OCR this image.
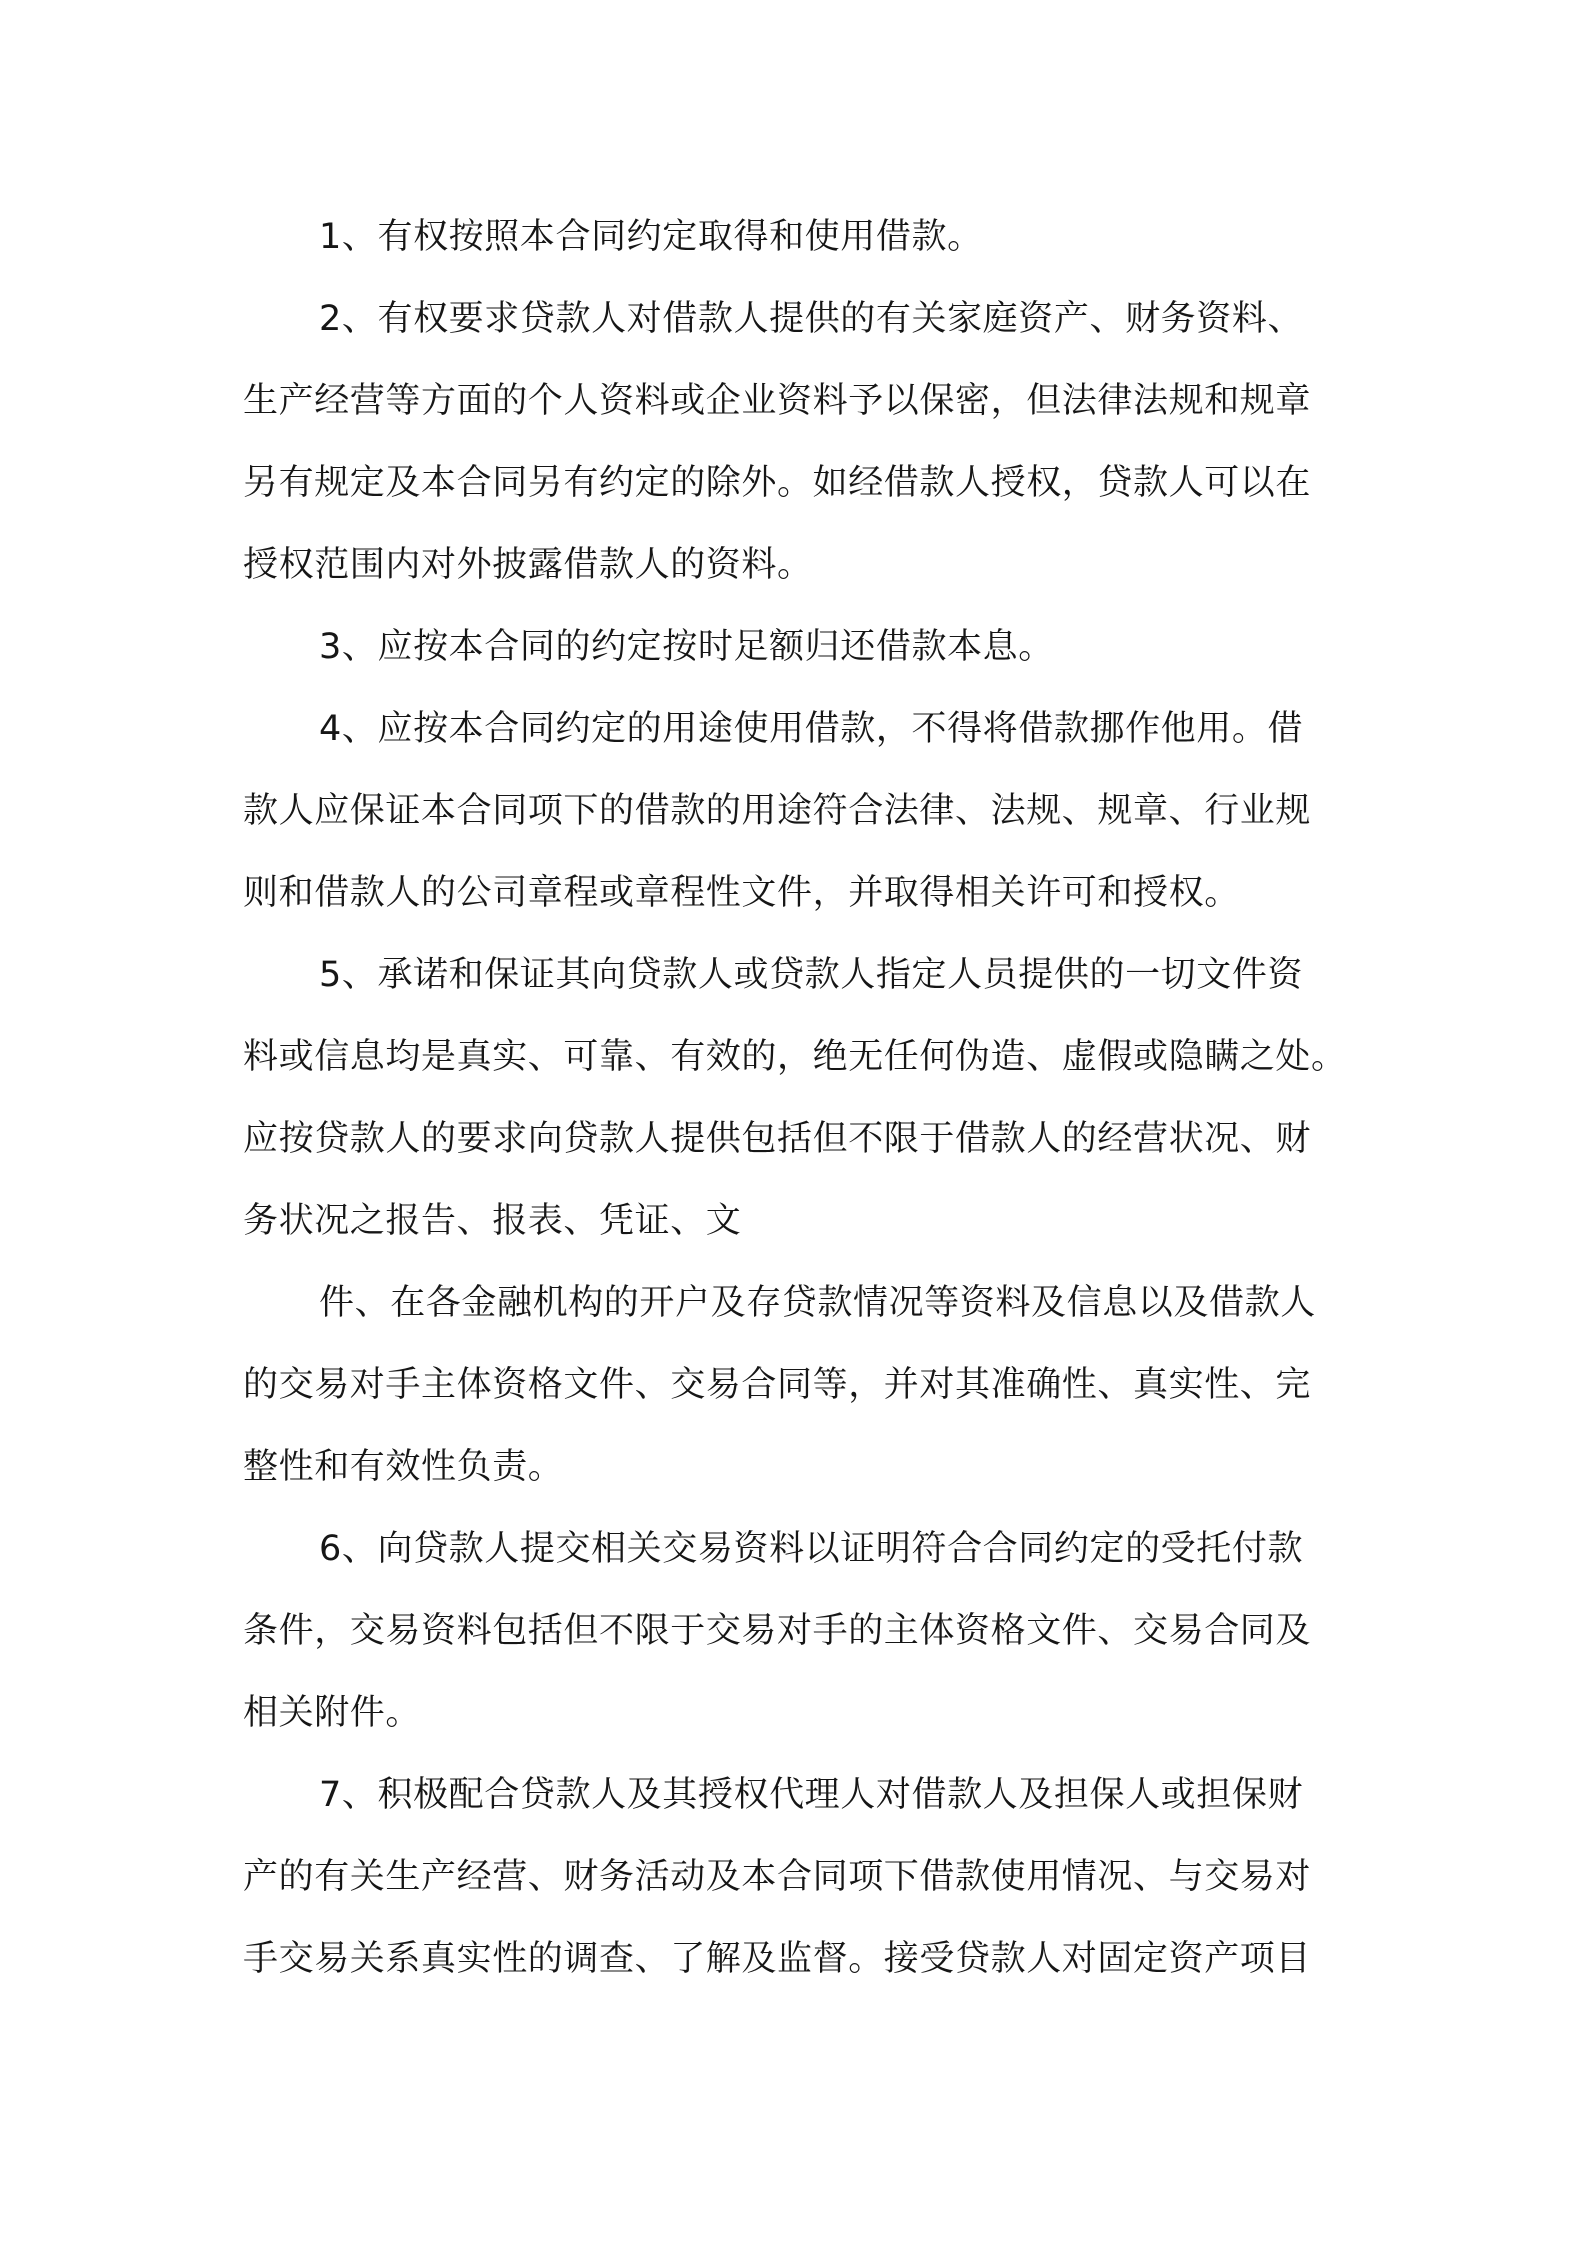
1、有权按照本合同约定取得和使用借款。

2、有权要求贷款人对借款人提供的有关家庭资产、财务资料、
生产经营等方面的个人资料或企业资料予以保密，但法律法规和规章
另有规定及本合同另有约定的除外。如经借款人授权，贷款人可以在
授权范围内对外披露借款人的资料。

3、应按本合同的约定按时足额归还借款本息。

4、应按本合同约定的用途使用借款，不得将借款挪作他用。借
款人应保证本合同项下的借款的用途符合法律、法规、规章、行业规
则和借款人的公司章程或章程性文件，并取得相关许可和授权。

5、承诺和保证其向贷款人或贷款人指定人员提供的一切文件资
料或信息均是真实、可靠、有效的，绝无任何伪造、虚假或隐瞒之处。
应按贷款人的要求向贷款人提供包括但不限于借款人的经营状况、财
务状况之报告、报表、凭证、文

件、在各金融机构的开户及存贷款情况等资料及信息以及借款人
的交易对手主体资格文件、交易合同等，并对其准确性、真实性、完
整性和有效性负责。

6、向贷款人提交相关交易资料以证明符合合同约定的受托付款
条件，交易资料包括但不限于交易对手的主体资格文件、交易合同及
相关附件。

7、积极配合贷款人及其授权代理人对借款人及担保人或担保财
产的有关生产经营、财务活动及本合同项下借款使用情况、与交易对
手交易关系真实性的调查、了解及监督。接受贷款人对固定资产项目
